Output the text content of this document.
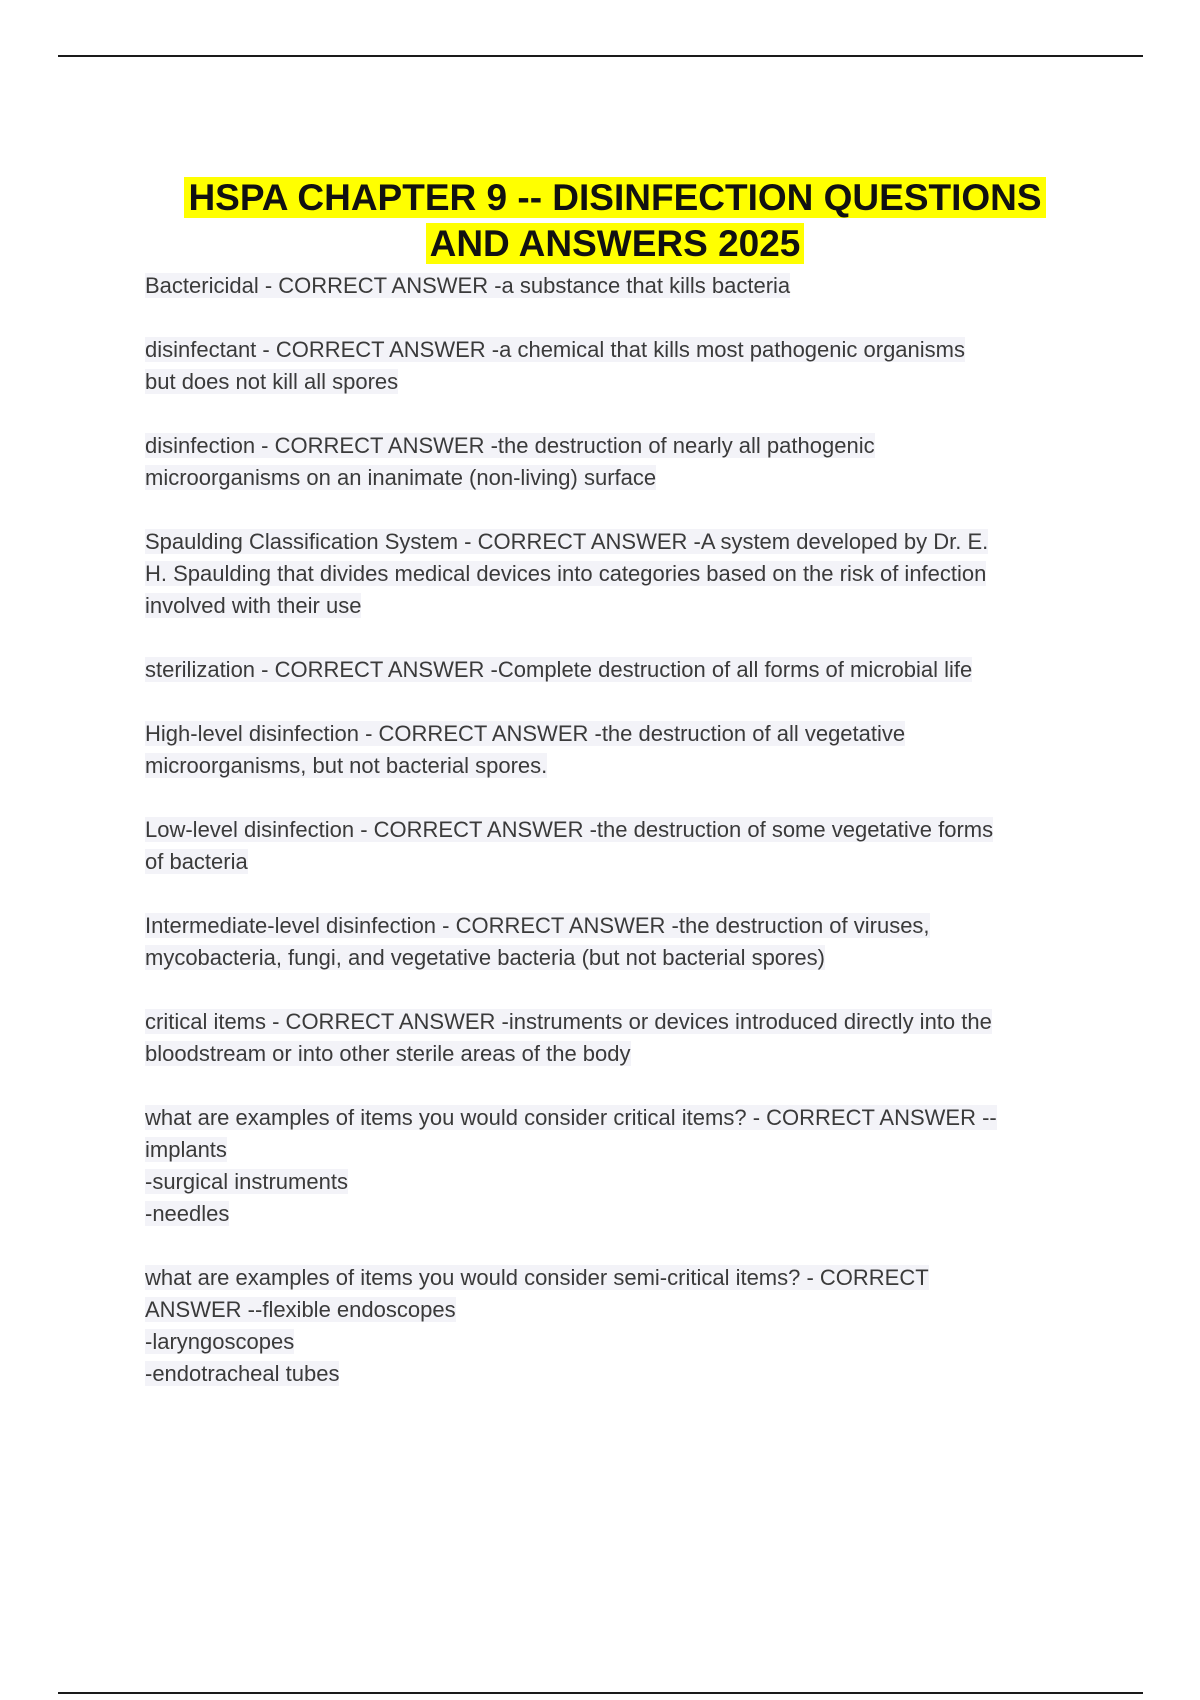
HSPA CHAPTER 9 -- DISINFECTION QUESTIONS
AND ANSWERS 2025

Bactericidal - CORRECT ANSWER -a substance that kills bacteria

disinfectant - CORRECT ANSWER -a chemical that kills most pathogenic organisms
but does not kill all spores

disinfection - CORRECT ANSWER -the destruction of nearly all pathogenic
microorganisms on an inanimate (non-living) surface

Spaulding Classification System - CORRECT ANSWER -A system developed by Dr. E.
H. Spaulding that divides medical devices into categories based on the risk of infection
involved with their use

sterilization - CORRECT ANSWER -Complete destruction of all forms of microbial life

High-level disinfection - CORRECT ANSWER -the destruction of all vegetative
microorganisms, but not bacterial spores.

Low-level disinfection - CORRECT ANSWER -the destruction of some vegetative forms
of bacteria

Intermediate-level disinfection - CORRECT ANSWER -the destruction of viruses,
mycobacteria, fungi, and vegetative bacteria (but not bacterial spores)

critical items - CORRECT ANSWER -instruments or devices introduced directly into the
bloodstream or into other sterile areas of the body

what are examples of items you would consider critical items? - CORRECT ANSWER --
implants
-surgical instruments
-needles

what are examples of items you would consider semi-critical items? - CORRECT
ANSWER --flexible endoscopes
-laryngoscopes
-endotracheal tubes
